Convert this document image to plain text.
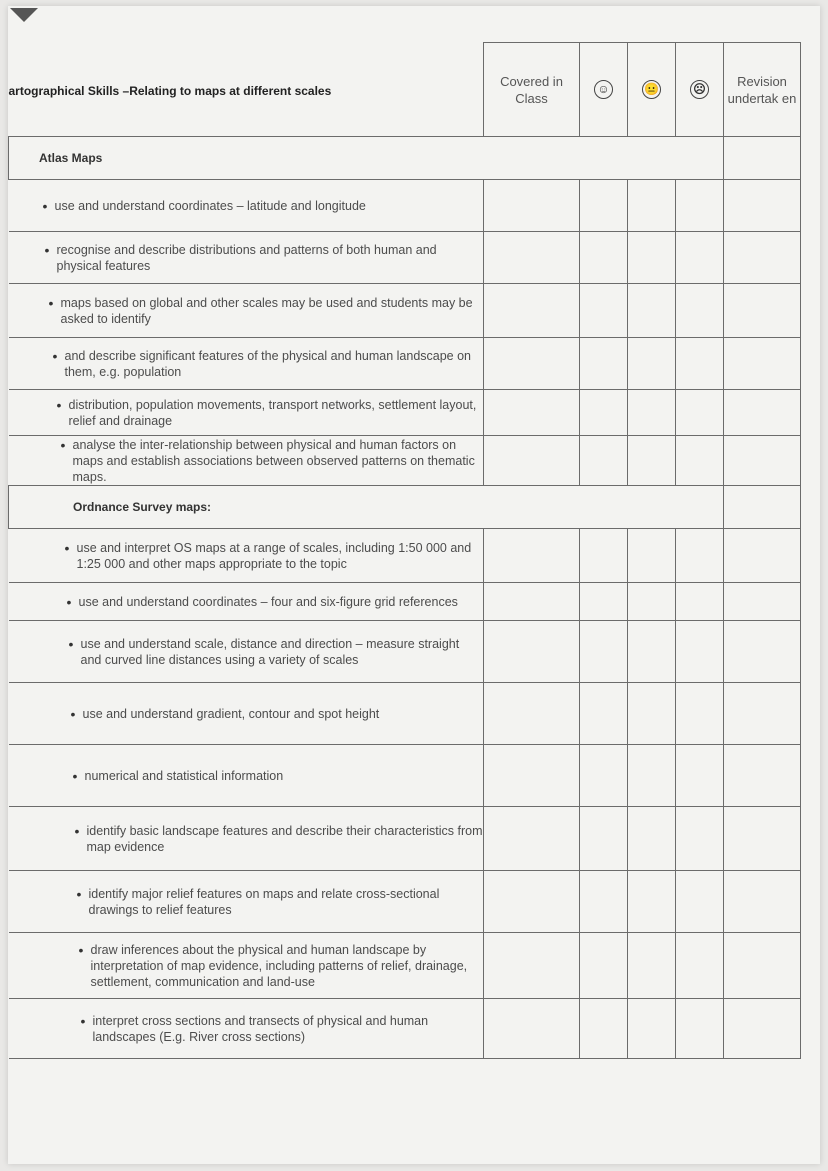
artographical Skills –Relating to maps at different scales	Covered in Class	☺	😐	☹	Revision undertak en
Atlas Maps					

• use and understand coordinates – latitude and longitude					

• recognise and describe distributions and patterns of both human and physical features					

• maps based on global and other scales may be used and students may be asked to identify					

• and describe significant features of the physical and human landscape on them, e.g. population					

• distribution, population movements, transport networks, settlement layout, relief and drainage					

• analyse the inter-relationship between physical and human factors on maps and establish associations between observed patterns on thematic maps.					

Ordnance Survey maps:					

• use and interpret OS maps at a range of scales, including 1:50 000 and 1:25 000 and other maps appropriate to the topic					

• use and understand coordinates – four and six-figure grid references					

• use and understand scale, distance and direction – measure straight and curved line distances using a variety of scales					

• use and understand gradient, contour and spot height					

• numerical and statistical information					

• identify basic landscape features and describe their characteristics from map evidence					

• identify major relief features on maps and relate cross-sectional drawings to relief features					

• draw inferences about the physical and human landscape by interpretation of map evidence, including patterns of relief, drainage, settlement, communication and land-use					

• interpret cross sections and transects of physical and human landscapes (E.g. River cross sections)					
